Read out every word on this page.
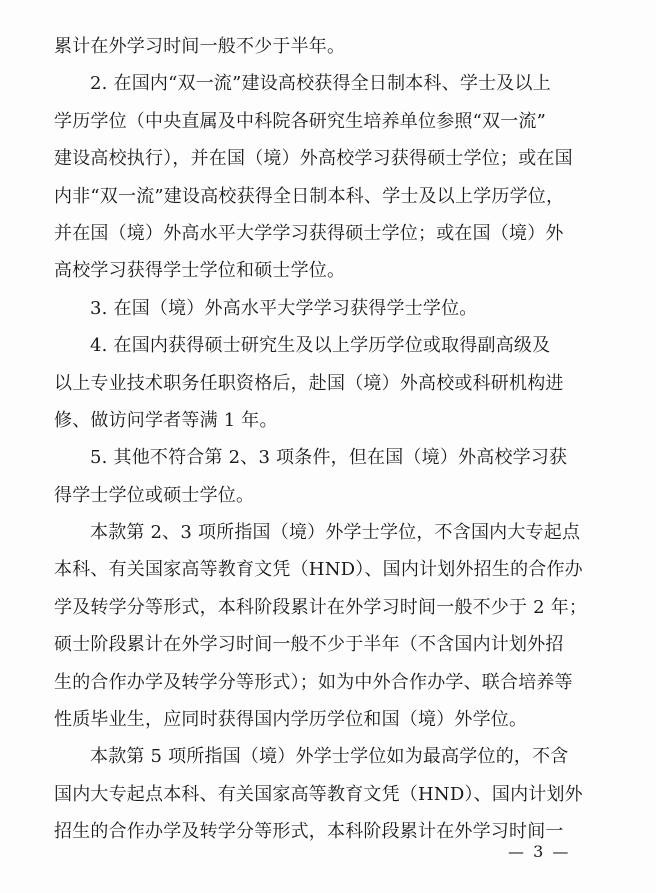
累计在外学习时间一般不少于半年。
2. 在国内“双一流”建设高校获得全日制本科、学士及以上
学历学位（中央直属及中科院各研究生培养单位参照“双一流”
建设高校执行），并在国（境）外高校学习获得硕士学位；或在国
内非“双一流”建设高校获得全日制本科、学士及以上学历学位，
并在国（境）外高水平大学学习获得硕士学位；或在国（境）外
高校学习获得学士学位和硕士学位。
3. 在国（境）外高水平大学学习获得学士学位。
4. 在国内获得硕士研究生及以上学历学位或取得副高级及
以上专业技术职务任职资格后，赴国（境）外高校或科研机构进
修、做访问学者等满 1 年。
5. 其他不符合第 2、3 项条件，但在国（境）外高校学习获
得学士学位或硕士学位。
本款第 2、3 项所指国（境）外学士学位，不含国内大专起点
本科、有关国家高等教育文凭（HND）、国内计划外招生的合作办
学及转学分等形式，本科阶段累计在外学习时间一般不少于 2 年；
硕士阶段累计在外学习时间一般不少于半年（不含国内计划外招
生的合作办学及转学分等形式）；如为中外合作办学、联合培养等
性质毕业生，应同时获得国内学历学位和国（境）外学位。
本款第 5 项所指国（境）外学士学位如为最高学位的，不含
国内大专起点本科、有关国家高等教育文凭（HND）、国内计划外
招生的合作办学及转学分等形式，本科阶段累计在外学习时间一
— 3 —
